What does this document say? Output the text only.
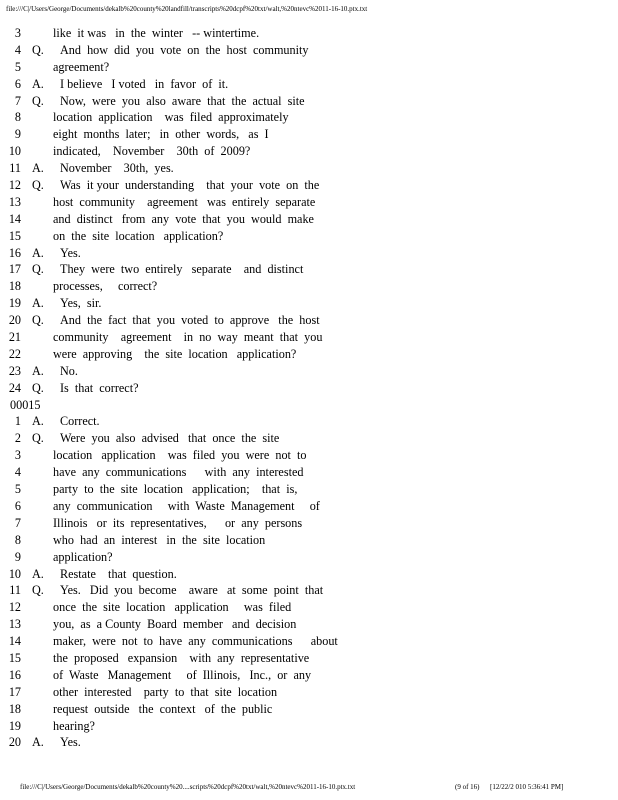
file:///C|/Users/George/Documents/dekalb%20county%20landfill/transcripts%20dcpf%20txt/walt,%20ntevc%2011-16-10.ptx.txt
3	like  it was   in  the  winter   -- wintertime.
4 Q. And  how  did  you  vote  on  the  host  community
5	agreement?
6 A. I believe   I voted   in  favor  of  it.
7 Q. Now,  were  you  also  aware  that  the  actual  site
8	location  application    was  filed  approximately
9	eight  months  later;   in  other  words,   as  I
10	indicated,    November    30th  of  2009?
11 A. November    30th,  yes.
12 Q. Was  it your  understanding    that  your  vote  on  the
13	host  community    agreement   was  entirely  separate
14	and  distinct   from  any  vote  that  you  would  make
15	on  the  site  location   application?
16 A. Yes.
17 Q. They  were  two  entirely   separate    and  distinct
18	processes,     correct?
19 A. Yes,  sir.
20 Q. And  the  fact  that  you  voted  to  approve   the  host
21	community    agreement    in  no  way  meant  that  you
22	were  approving    the  site  location   application?
23 A. No.
24 Q. Is  that  correct?
00015
1 A. Correct.
2 Q. Were  you  also  advised   that  once  the  site
3	location   application    was  filed  you  were  not  to
4	have  any  communications      with  any  interested
5	party  to  the  site  location   application;    that  is,
6	any  communication     with  Waste  Management     of
7	Illinois   or  its  representatives,      or  any  persons
8	who  had  an  interest   in  the  site  location
9	application?
10 A. Restate    that  question.
11 Q. Yes.   Did  you  become    aware   at  some  point  that
12	once  the  site  location   application     was  filed
13	you,  as  a County  Board  member   and  decision
14	maker,  were  not  to  have  any  communications      about
15	the  proposed   expansion    with  any  representative
16	of  Waste   Management     of  Illinois,   Inc.,  or  any
17	other  interested    party  to  that  site  location
18	request  outside   the  context   of  the  public
19	hearing?
20 A. Yes.
file:///C|/Users/George/Documents/dekalb%20county%20....scripts%20dcpf%20txt/walt,%20ntevc%2011-16-10.ptx.txt	(9 of 16) [12/22/2 010 5:36:41 PM]
